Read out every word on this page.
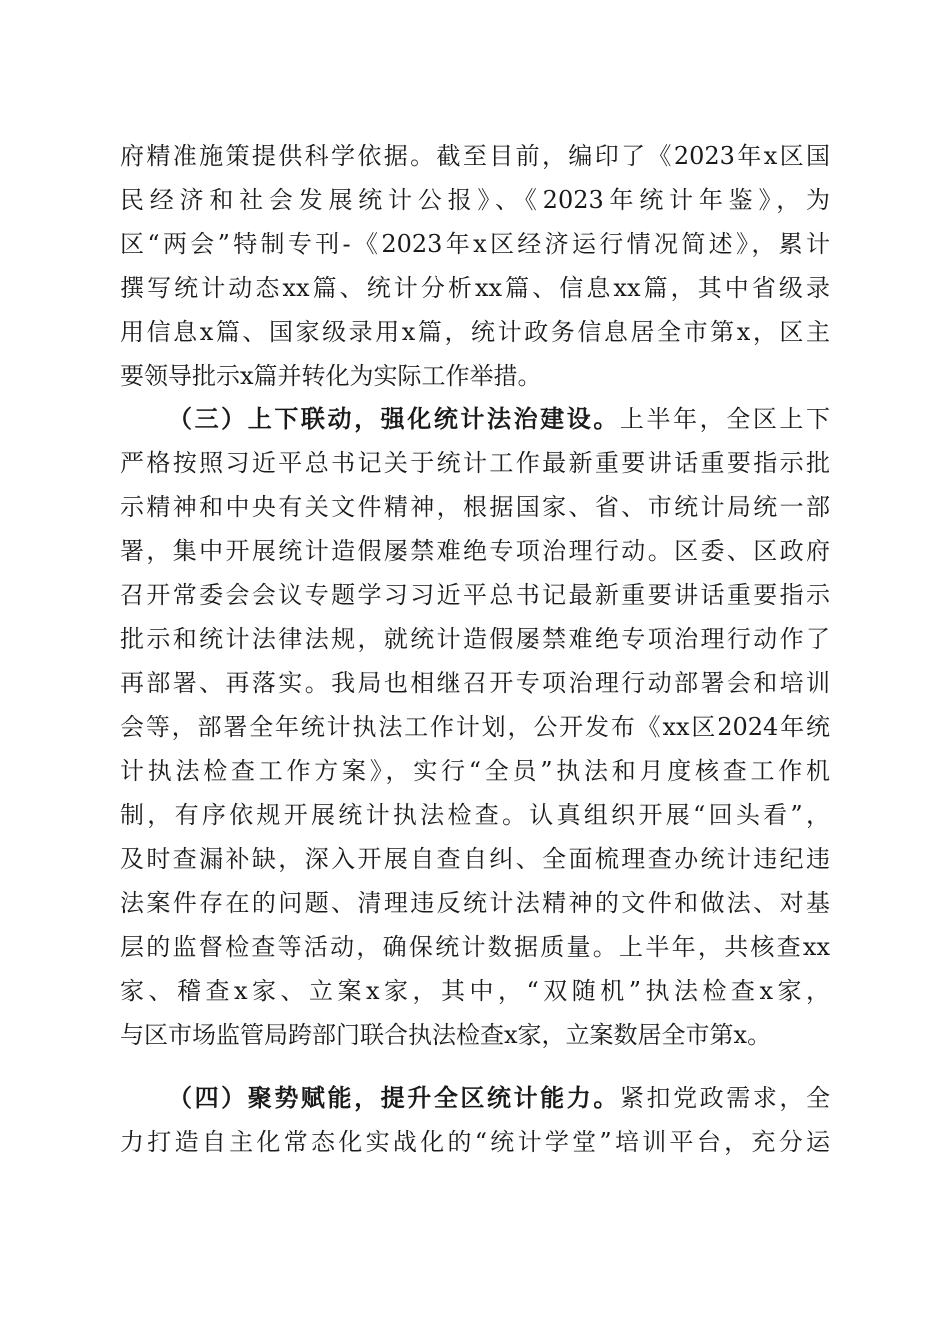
府精准施策提供科学依据。截至目前，编印了《2023年x区国
民经济和社会发展统计公报》、《2023年统计年鉴》，为
区“两会”特制专刊-《2023年x区经济运行情况简述》，累计
撰写统计动态xx篇、统计分析xx篇、信息xx篇，其中省级录
用信息x篇、国家级录用x篇，统计政务信息居全市第x，区主
要领导批示x篇并转化为实际工作举措。
（三）上下联动，强化统计法治建设。上半年，全区上下
严格按照习近平总书记关于统计工作最新重要讲话重要指示批
示精神和中央有关文件精神，根据国家、省、市统计局统一部
署，集中开展统计造假屡禁难绝专项治理行动。区委、区政府
召开常委会会议专题学习习近平总书记最新重要讲话重要指示
批示和统计法律法规，就统计造假屡禁难绝专项治理行动作了
再部署、再落实。我局也相继召开专项治理行动部署会和培训
会等，部署全年统计执法工作计划，公开发布《xx区2024年统
计执法检查工作方案》，实行“全员”执法和月度核查工作机
制，有序依规开展统计执法检查。认真组织开展“回头看”，
及时查漏补缺，深入开展自查自纠、全面梳理查办统计违纪违
法案件存在的问题、清理违反统计法精神的文件和做法、对基
层的监督检查等活动，确保统计数据质量。上半年，共核查xx
家、稽查x家、立案x家，其中，“双随机”执法检查x家，
与区市场监管局跨部门联合执法检查x家，立案数居全市第x。
（四）聚势赋能，提升全区统计能力。紧扣党政需求，全
力打造自主化常态化实战化的“统计学堂”培训平台，充分运
